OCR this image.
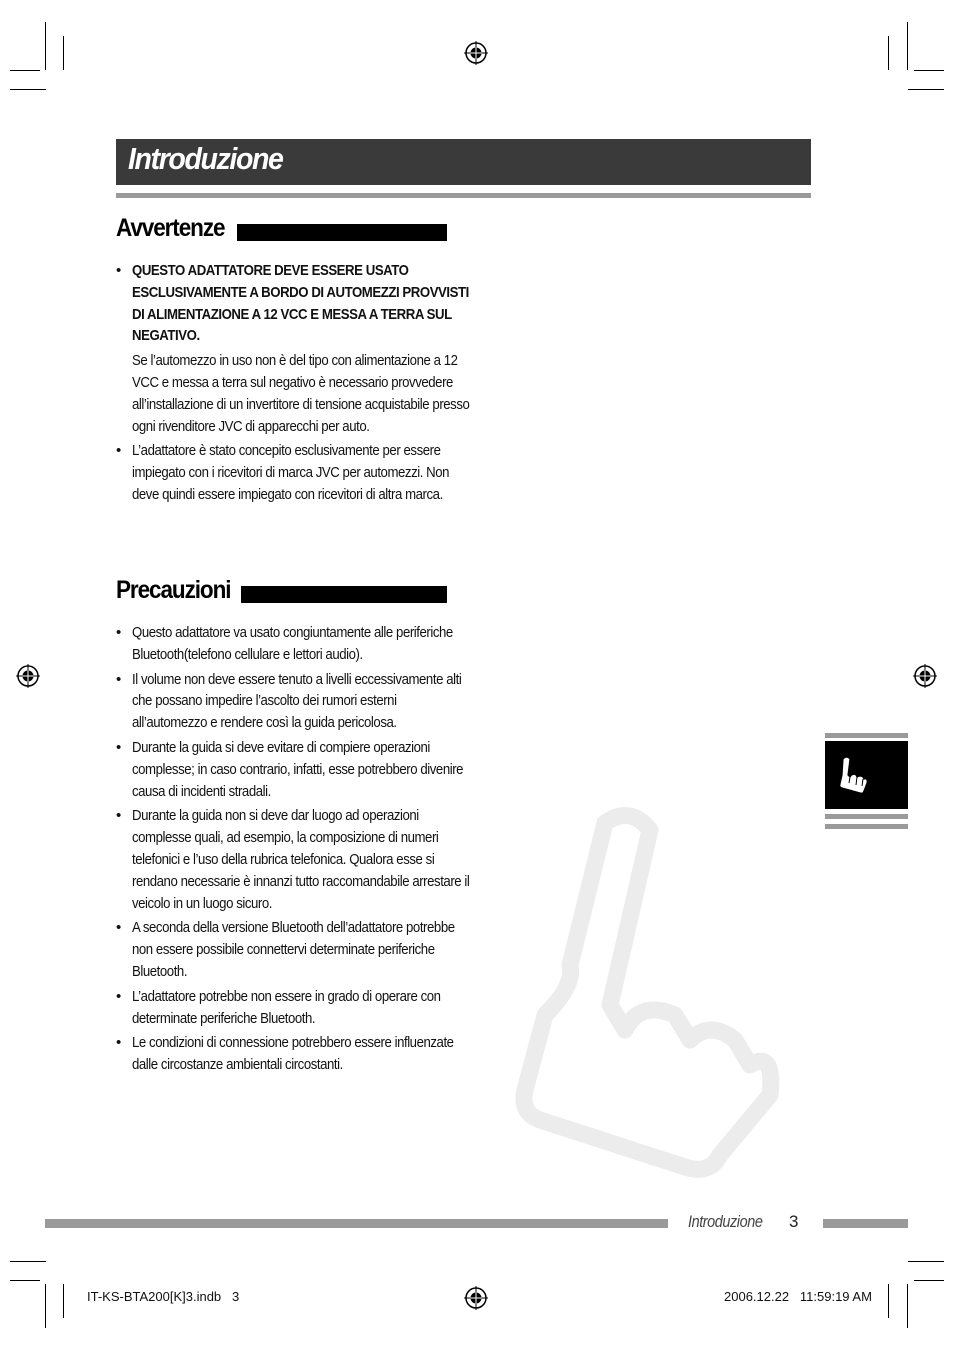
Introduzione
Avvertenze
• QUESTO ADATTATORE DEVE ESSERE USATO ESCLUSIVAMENTE A BORDO DI AUTOMEZZI PROVVISTI DI ALIMENTAZIONE A 12 VCC E MESSA A TERRA SUL NEGATIVO.
Se l’automezzo in uso non è del tipo con alimentazione a 12 VCC e messa a terra sul negativo è necessario provvedere all’installazione di un invertitore di tensione acquistabile presso ogni rivenditore JVC di apparecchi per auto.
• L’adattatore è stato concepito esclusivamente per essere impiegato con i ricevitori di marca JVC per automezzi. Non deve quindi essere impiegato con ricevitori di altra marca.
Precauzioni
• Questo adattatore va usato congiuntamente alle periferiche Bluetooth(telefono cellulare e lettori audio).
• Il volume non deve essere tenuto a livelli eccessivamente alti che possano impedire l’ascolto dei rumori esterni all’automezzo e rendere così la guida pericolosa.
• Durante la guida si deve evitare di compiere operazioni complesse; in caso contrario, infatti, esse potrebbero divenire causa di incidenti stradali.
• Durante la guida non si deve dar luogo ad operazioni complesse quali, ad esempio, la composizione di numeri telefonici e l’uso della rubrica telefonica. Qualora esse si rendano necessarie è innanzi tutto raccomandabile arrestare il veicolo in un luogo sicuro.
• A seconda della versione Bluetooth dell’adattatore potrebbe non essere possibile connettervi determinate periferiche Bluetooth.
• L’adattatore potrebbe non essere in grado di operare con determinate periferiche Bluetooth.
• Le condizioni di connessione potrebbero essere influenzate dalle circostanze ambientali circostanti.
Introduzione 3
IT-KS-BTA200[K]3.indb   3	2006.12.22   11:59:19 AM
